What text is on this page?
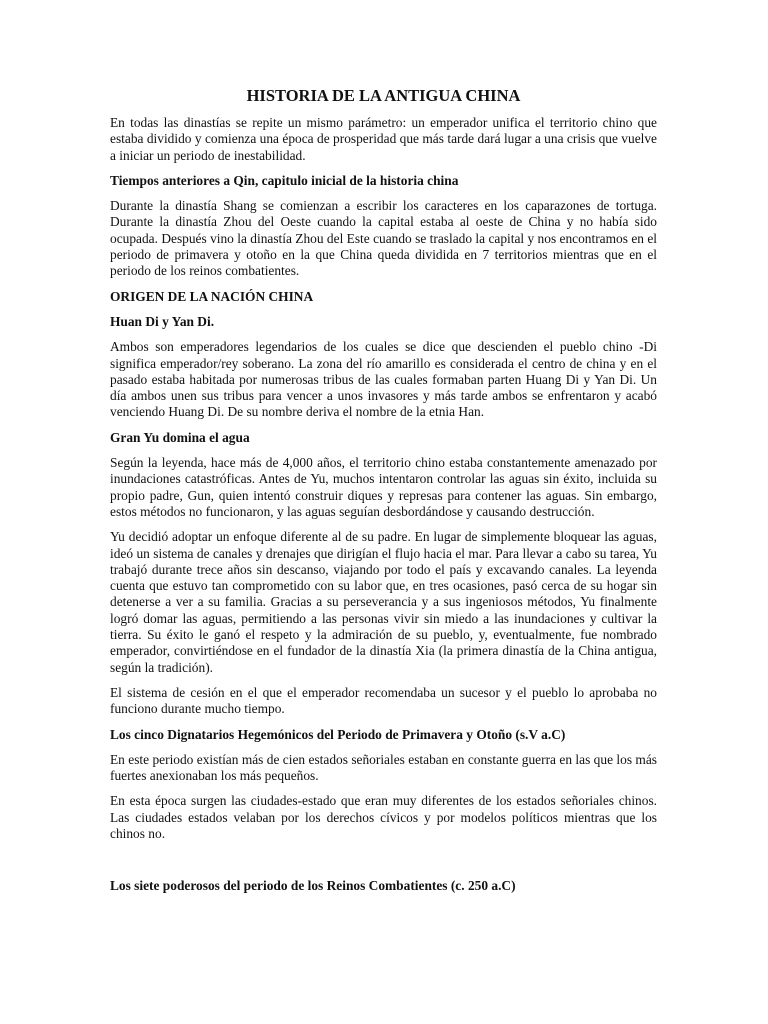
HISTORIA DE LA ANTIGUA CHINA

En todas las dinastías se repite un mismo parámetro: un emperador unifica el territorio chino que estaba dividido y comienza una época de prosperidad que más tarde dará lugar a una crisis que vuelve a iniciar un periodo de inestabilidad.

Tiempos anteriores a Qin, capitulo inicial de la historia china

Durante la dinastía Shang se comienzan a escribir los caracteres en los caparazones de tortuga. Durante la dinastía Zhou del Oeste cuando la capital estaba al oeste de China y no había sido ocupada. Después vino la dinastía Zhou del Este cuando se traslado la capital y nos encontramos en el periodo de primavera y otoño en la que China queda dividida en 7 territorios mientras que en el periodo de los reinos combatientes.

ORIGEN DE LA NACIÓN CHINA
Huan Di y Yan Di.

Ambos son emperadores legendarios de los cuales se dice que descienden el pueblo chino -Di significa emperador/rey soberano. La zona del río amarillo es considerada el centro de china y en el pasado estaba habitada por numerosas tribus de las cuales formaban parten Huang Di y Yan Di. Un día ambos unen sus tribus para vencer a unos invasores y más tarde ambos se enfrentaron y acabó venciendo Huang Di. De su nombre deriva el nombre de la etnia Han.

Gran Yu domina el agua

Según la leyenda, hace más de 4,000 años, el territorio chino estaba constantemente amenazado por inundaciones catastróficas. Antes de Yu, muchos intentaron controlar las aguas sin éxito, incluida su propio padre, Gun, quien intentó construir diques y represas para contener las aguas. Sin embargo, estos métodos no funcionaron, y las aguas seguían desbordándose y causando destrucción.

Yu decidió adoptar un enfoque diferente al de su padre. En lugar de simplemente bloquear las aguas, ideó un sistema de canales y drenajes que dirigían el flujo hacia el mar. Para llevar a cabo su tarea, Yu trabajó durante trece años sin descanso, viajando por todo el país y excavando canales. La leyenda cuenta que estuvo tan comprometido con su labor que, en tres ocasiones, pasó cerca de su hogar sin detenerse a ver a su familia. Gracias a su perseverancia y a sus ingeniosos métodos, Yu finalmente logró domar las aguas, permitiendo a las personas vivir sin miedo a las inundaciones y cultivar la tierra. Su éxito le ganó el respeto y la admiración de su pueblo, y, eventualmente, fue nombrado emperador, convirtiéndose en el fundador de la dinastía Xia (la primera dinastía de la China antigua, según la tradición).

El sistema de cesión en el que el emperador recomendaba un sucesor y el pueblo lo aprobaba no funciono durante mucho tiempo.

Los cinco Dignatarios Hegemónicos del Periodo de Primavera y Otoño (s.V a.C)

En este periodo existían más de cien estados señoriales estaban en constante guerra en las que los más fuertes anexionaban los más pequeños.

En esta época surgen las ciudades-estado que eran muy diferentes de los estados señoriales chinos. Las ciudades estados velaban por los derechos cívicos y por modelos políticos mientras que los chinos no.

Los siete poderosos del periodo de los Reinos Combatientes (c. 250 a.C)
